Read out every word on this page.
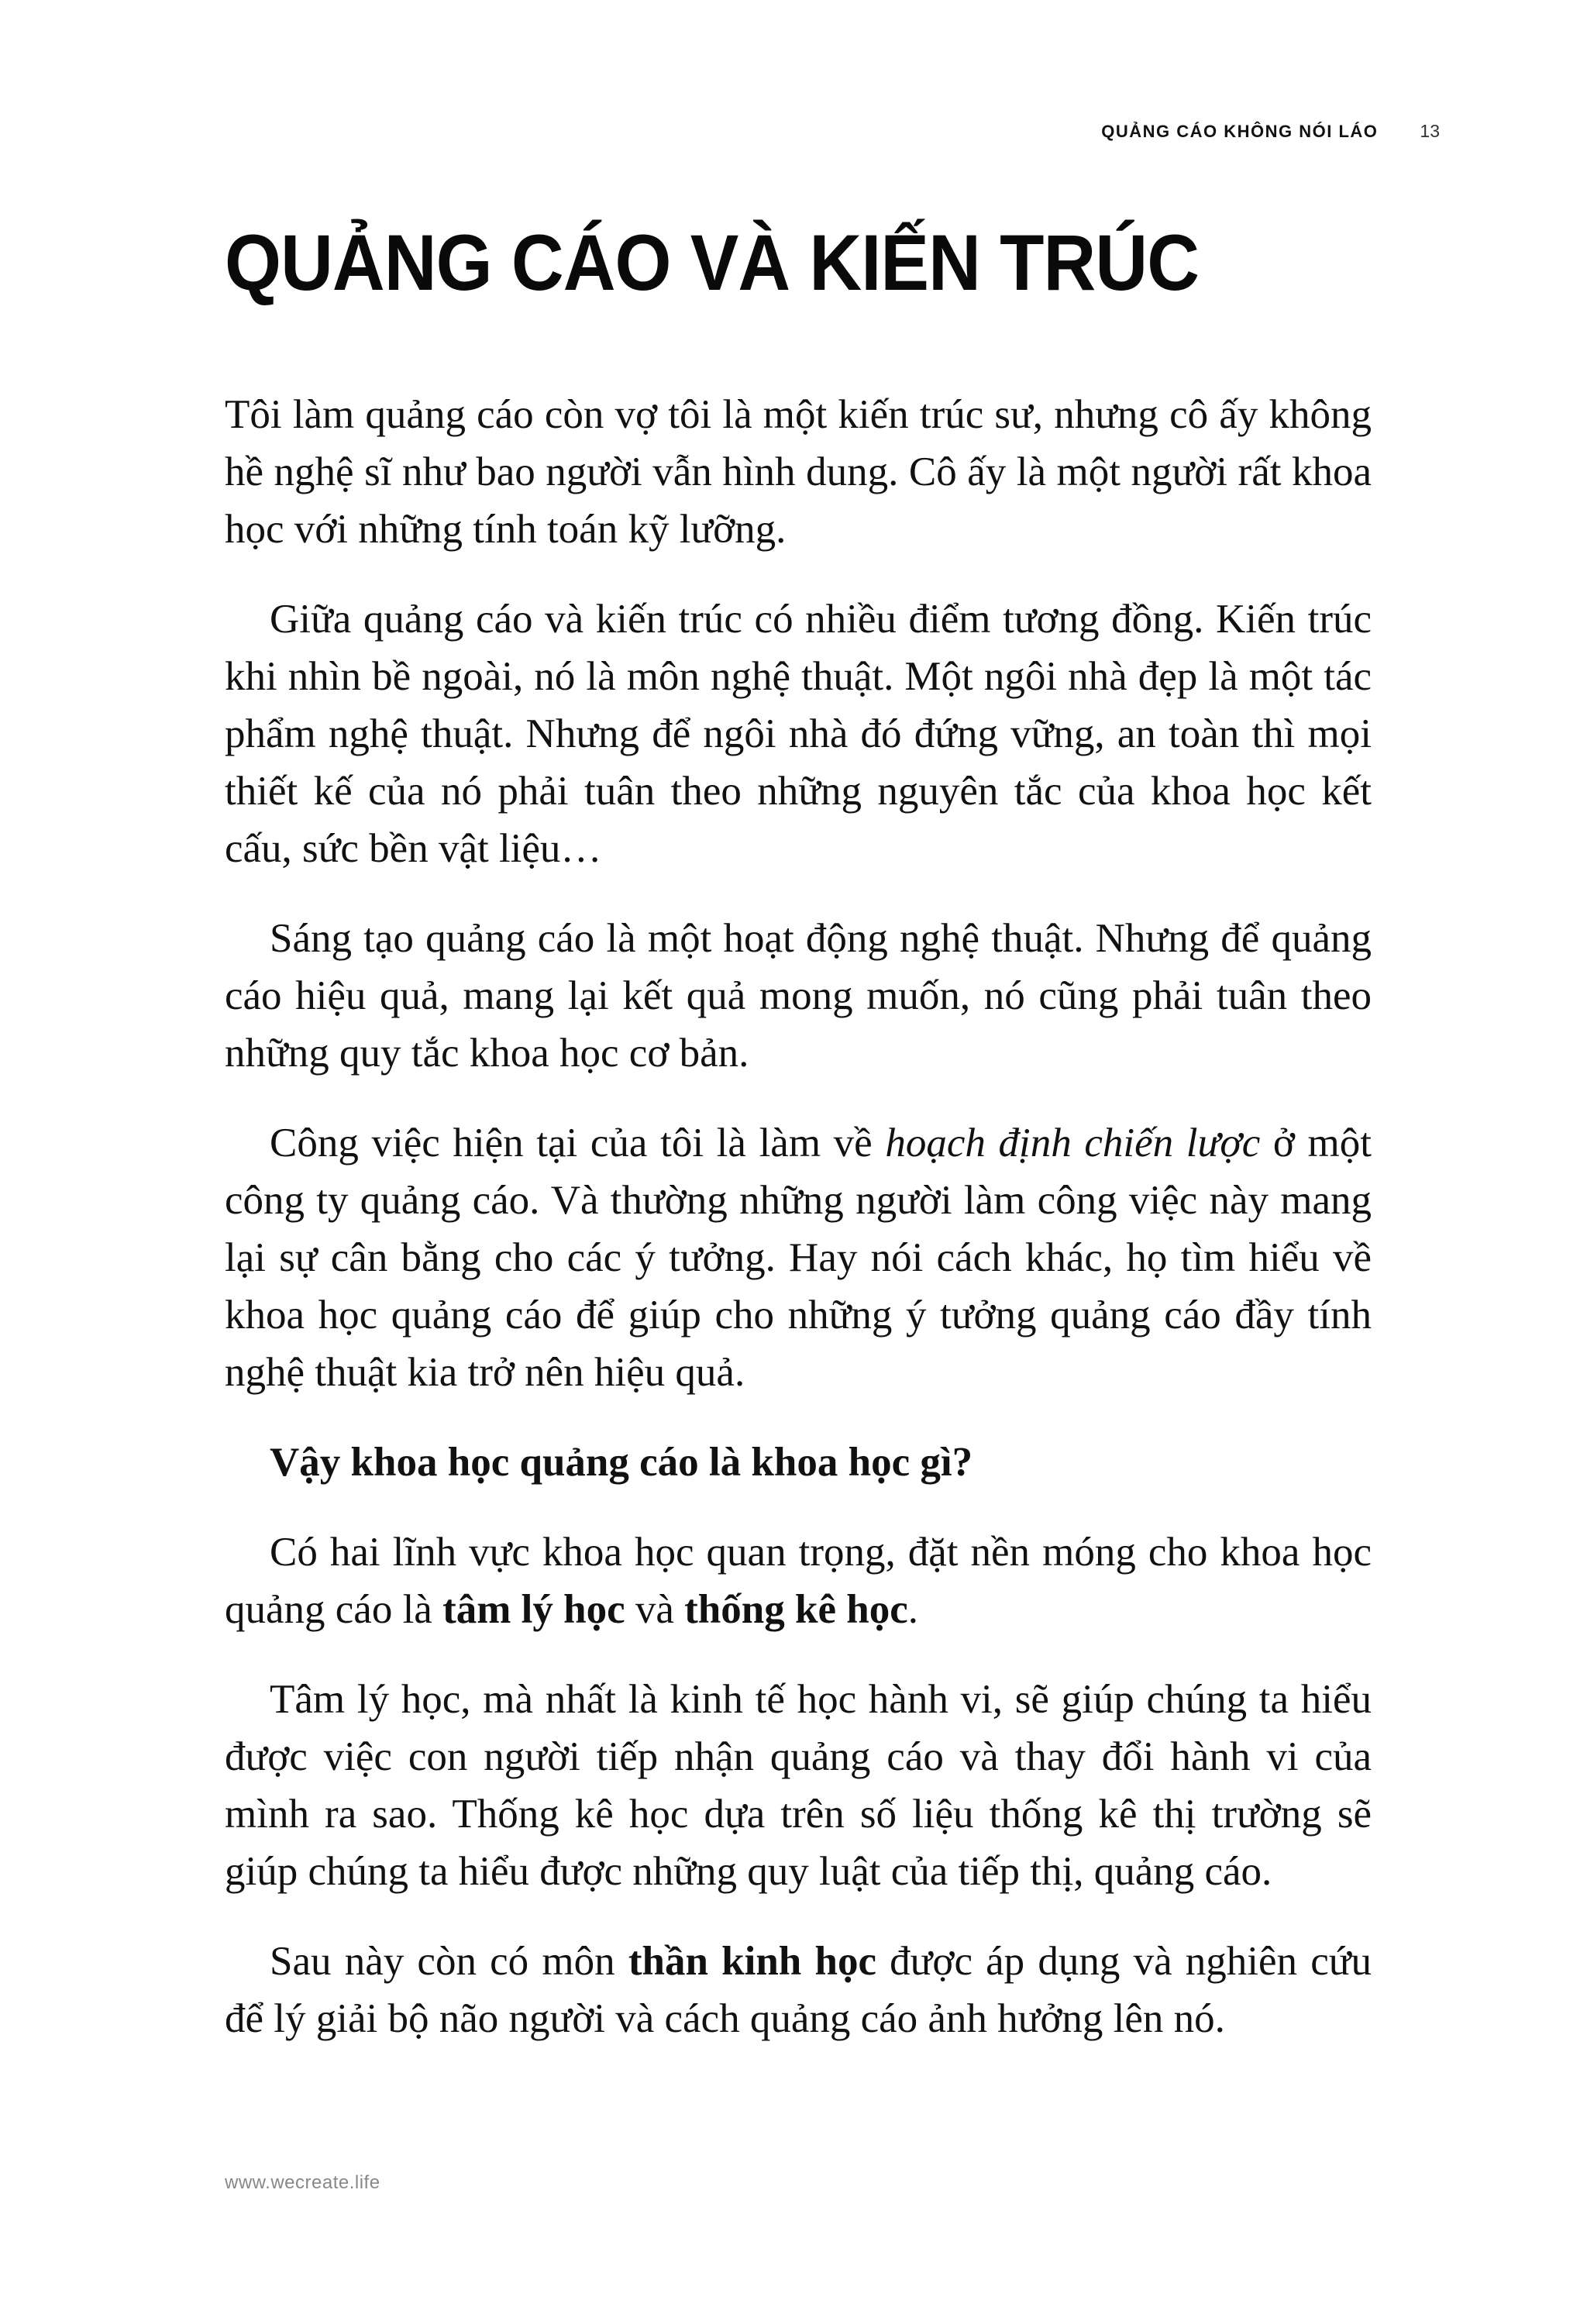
QUẢNG CÁO KHÔNG NÓI LÁO 13
QUẢNG CÁO VÀ KIẾN TRÚC

Tôi làm quảng cáo còn vợ tôi là một kiến trúc sư, nhưng cô ấy không hề nghệ sĩ như bao người vẫn hình dung. Cô ấy là một người rất khoa học với những tính toán kỹ lưỡng.

Giữa quảng cáo và kiến trúc có nhiều điểm tương đồng. Kiến trúc khi nhìn bề ngoài, nó là môn nghệ thuật. Một ngôi nhà đẹp là một tác phẩm nghệ thuật. Nhưng để ngôi nhà đó đứng vững, an toàn thì mọi thiết kế của nó phải tuân theo những nguyên tắc của khoa học kết cấu, sức bền vật liệu…

Sáng tạo quảng cáo là một hoạt động nghệ thuật. Nhưng để quảng cáo hiệu quả, mang lại kết quả mong muốn, nó cũng phải tuân theo những quy tắc khoa học cơ bản.

Công việc hiện tại của tôi là làm về hoạch định chiến lược ở một công ty quảng cáo. Và thường những người làm công việc này mang lại sự cân bằng cho các ý tưởng. Hay nói cách khác, họ tìm hiểu về khoa học quảng cáo để giúp cho những ý tưởng quảng cáo đầy tính nghệ thuật kia trở nên hiệu quả.

Vậy khoa học quảng cáo là khoa học gì?

Có hai lĩnh vực khoa học quan trọng, đặt nền móng cho khoa học quảng cáo là tâm lý học và thống kê học.

Tâm lý học, mà nhất là kinh tế học hành vi, sẽ giúp chúng ta hiểu được việc con người tiếp nhận quảng cáo và thay đổi hành vi của mình ra sao. Thống kê học dựa trên số liệu thống kê thị trường sẽ giúp chúng ta hiểu được những quy luật của tiếp thị, quảng cáo.

Sau này còn có môn thần kinh học được áp dụng và nghiên cứu để lý giải bộ não người và cách quảng cáo ảnh hưởng lên nó.

www.wecreate.life
